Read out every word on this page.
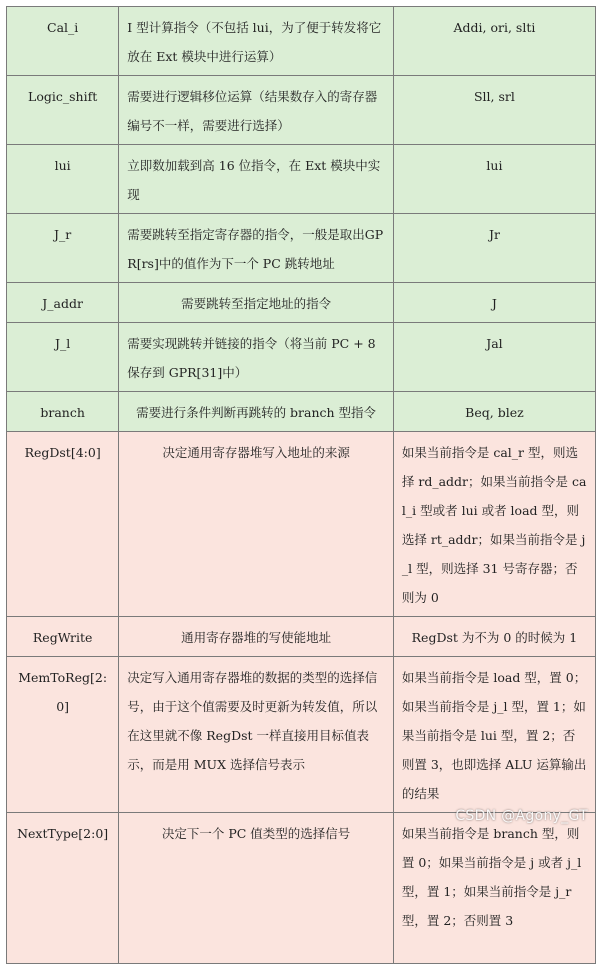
Cal_i	I 型计算指令（不包括 lui，为了便于转发将它放在 Ext 模块中进行运算）	Addi, ori, slti
Logic_shift	需要进行逻辑移位运算（结果数存入的寄存器编号不一样，需要进行选择）	Sll, srl
lui	立即数加载到高 16 位指令，在 Ext 模块中实现	lui
J_r	需要跳转至指定寄存器的指令，一般是取出GPR[rs]中的值作为下一个 PC 跳转地址	Jr
J_addr	需要跳转至指定地址的指令	J
J_l	需要实现跳转并链接的指令（将当前 PC + 8 保存到 GPR[31]中）	Jal
branch	需要进行条件判断再跳转的 branch 型指令	Beq, blez
RegDst[4:0]	决定通用寄存器堆写入地址的来源	如果当前指令是 cal_r 型，则选择 rd_addr；如果当前指令是 cal_i 型或者 lui 或者 load 型，则选择 rt_addr；如果当前指令是 j_l 型，则选择 31 号寄存器；否则为 0
RegWrite	通用寄存器堆的写使能地址	RegDst 为不为 0 的时候为 1
MemToReg[2:0]	决定写入通用寄存器堆的数据的类型的选择信号，由于这个值需要及时更新为转发值，所以在这里就不像 RegDst 一样直接用目标值表示，而是用 MUX 选择信号表示	如果当前指令是 load 型，置 0；如果当前指令是 j_l 型，置 1；如果当前指令是 lui 型，置 2；否则置 3，也即选择 ALU 运算输出的结果
NextType[2:0]	决定下一个 PC 值类型的选择信号	如果当前指令是 branch 型，则置 0；如果当前指令是 j 或者 j_l 型，置 1；如果当前指令是 j_r 型，置 2；否则置 3
CSDN @Agony_GT
